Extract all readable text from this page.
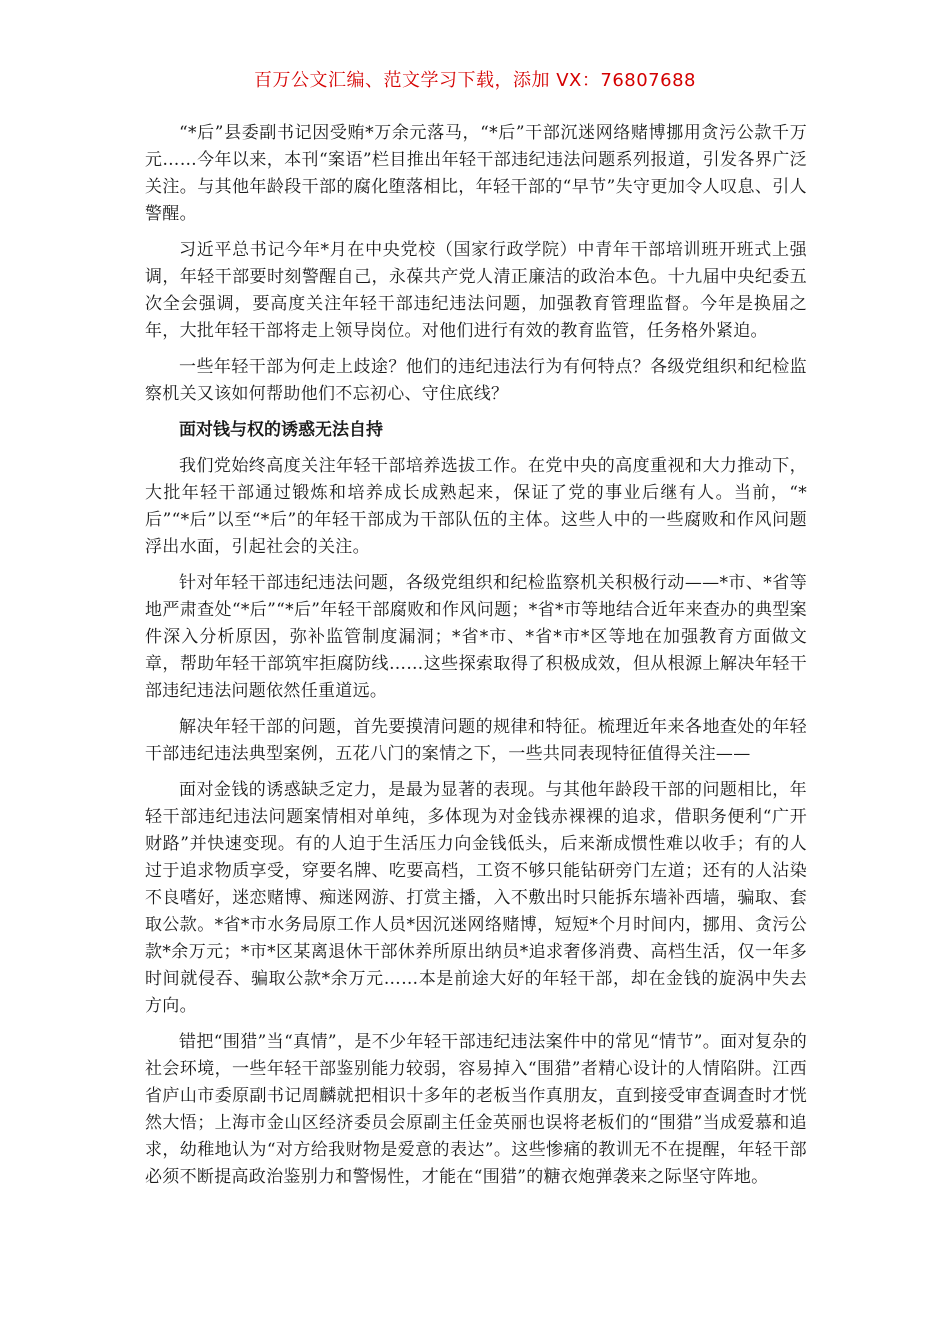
百万公文汇编、范文学习下载，添加 VX：76807688

“*后”县委副书记因受贿*万余元落马，“*后”干部沉迷网络赌博挪用贪污公款千万元……今年以来，本刊“案语”栏目推出年轻干部违纪违法问题系列报道，引发各界广泛关注。与其他年龄段干部的腐化堕落相比，年轻干部的“早节”失守更加令人叹息、引人警醒。

习近平总书记今年*月在中央党校（国家行政学院）中青年干部培训班开班式上强调，年轻干部要时刻警醒自己，永葆共产党人清正廉洁的政治本色。十九届中央纪委五次全会强调，要高度关注年轻干部违纪违法问题，加强教育管理监督。今年是换届之年，大批年轻干部将走上领导岗位。对他们进行有效的教育监管，任务格外紧迫。

一些年轻干部为何走上歧途？他们的违纪违法行为有何特点？各级党组织和纪检监察机关又该如何帮助他们不忘初心、守住底线？

面对钱与权的诱惑无法自持

我们党始终高度关注年轻干部培养选拔工作。在党中央的高度重视和大力推动下，大批年轻干部通过锻炼和培养成长成熟起来，保证了党的事业后继有人。当前，“*后”“*后”以至“*后”的年轻干部成为干部队伍的主体。这些人中的一些腐败和作风问题浮出水面，引起社会的关注。

针对年轻干部违纪违法问题，各级党组织和纪检监察机关积极行动——*市、*省等地严肃查处“*后”“*后”年轻干部腐败和作风问题；*省*市等地结合近年来查办的典型案件深入分析原因，弥补监管制度漏洞；*省*市、*省*市*区等地在加强教育方面做文章，帮助年轻干部筑牢拒腐防线……这些探索取得了积极成效，但从根源上解决年轻干部违纪违法问题依然任重道远。

解决年轻干部的问题，首先要摸清问题的规律和特征。梳理近年来各地查处的年轻干部违纪违法典型案例，五花八门的案情之下，一些共同表现特征值得关注——

面对金钱的诱惑缺乏定力，是最为显著的表现。与其他年龄段干部的问题相比，年轻干部违纪违法问题案情相对单纯，多体现为对金钱赤裸裸的追求，借职务便利“广开财路”并快速变现。有的人迫于生活压力向金钱低头，后来渐成惯性难以收手；有的人过于追求物质享受，穿要名牌、吃要高档，工资不够只能钻研旁门左道；还有的人沾染不良嗜好，迷恋赌博、痴迷网游、打赏主播，入不敷出时只能拆东墙补西墙，骗取、套取公款。*省*市水务局原工作人员*因沉迷网络赌博，短短*个月时间内，挪用、贪污公款*余万元；*市*区某离退休干部休养所原出纳员*追求奢侈消费、高档生活，仅一年多时间就侵吞、骗取公款*余万元……本是前途大好的年轻干部，却在金钱的旋涡中失去方向。

错把“围猎”当“真情”，是不少年轻干部违纪违法案件中的常见“情节”。面对复杂的社会环境，一些年轻干部鉴别能力较弱，容易掉入“围猎”者精心设计的人情陷阱。江西省庐山市委原副书记周麟就把相识十多年的老板当作真朋友，直到接受审查调查时才恍然大悟；上海市金山区经济委员会原副主任金英丽也误将老板们的“围猎”当成爱慕和追求，幼稚地认为“对方给我财物是爱意的表达”。这些惨痛的教训无不在提醒，年轻干部必须不断提高政治鉴别力和警惕性，才能在“围猎”的糖衣炮弹袭来之际坚守阵地。
